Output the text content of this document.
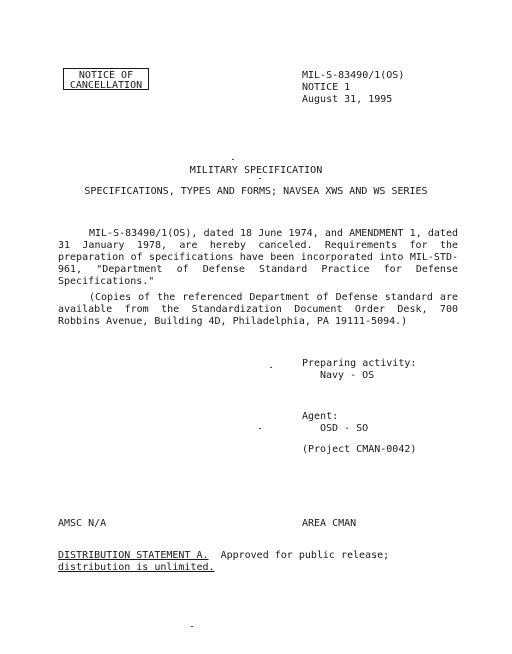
NOTICE OF
CANCELLATION
MIL-S-83490/1(OS)
NOTICE 1
August 31, 1995
MILITARY SPECIFICATION
SPECIFICATIONS, TYPES AND FORMS; NAVSEA XWS AND WS SERIES
MIL-S-83490/1(OS), dated 18 June 1974, and AMENDMENT 1, dated 31 January 1978, are hereby canceled. Requirements for the preparation of specifications have been incorporated into MIL-STD-961, "Department of Defense Standard Practice for Defense Specifications."
(Copies of the referenced Department of Defense standard are available from the Standardization Document Order Desk, 700 Robbins Avenue, Building 4D, Philadelphia, PA 19111-5094.)
Preparing activity:
Navy - OS
Agent:
OSD - SO
(Project CMAN-0042)
AMSC N/A	AREA CMAN
DISTRIBUTION STATEMENT A. Approved for public release;
distribution is unlimited.
